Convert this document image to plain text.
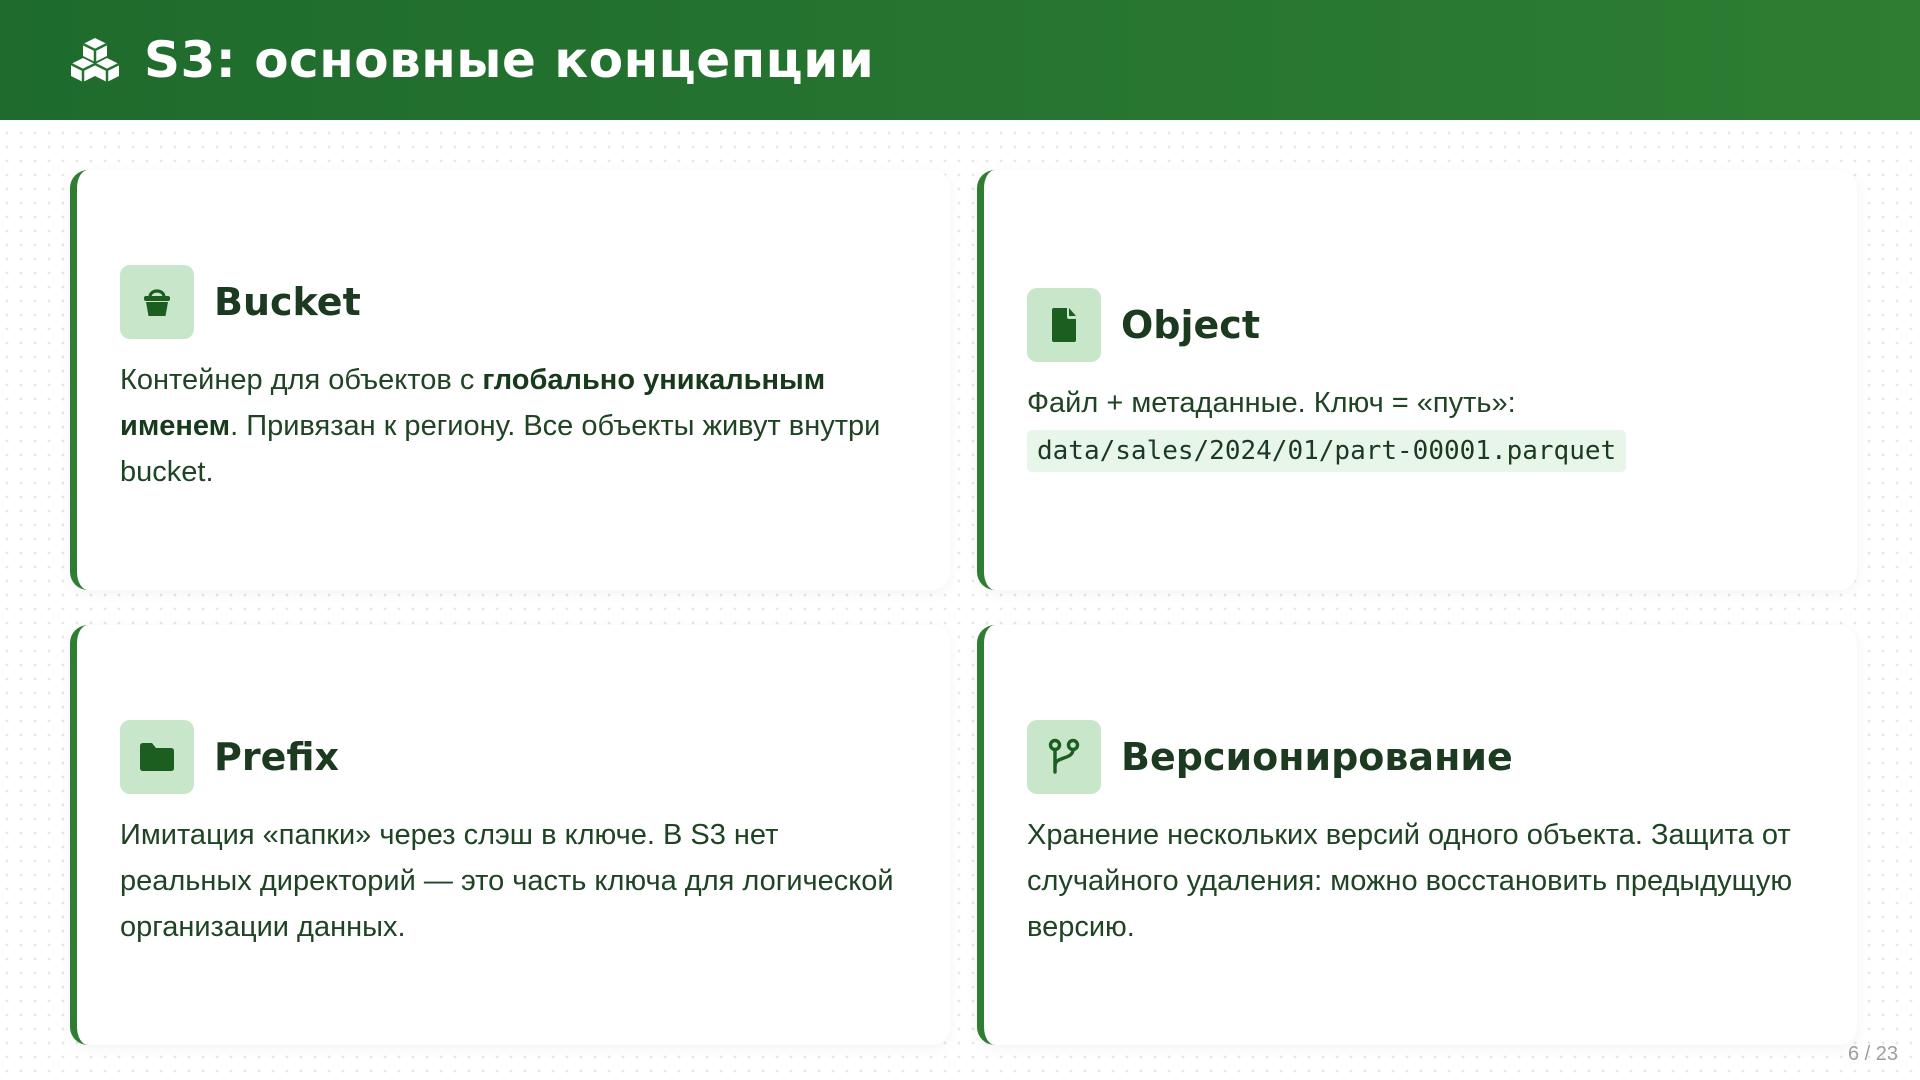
S3: основные концепции
Bucket
Контейнер для объектов с глобально уникальным именем. Привязан к региону. Все объекты живут внутри bucket.
Object
Файл + метаданные. Ключ = «путь»:
data/sales/2024/01/part-00001.parquet
Prefix
Имитация «папки» через слэш в ключе. В S3 нет реальных директорий — это часть ключа для логической организации данных.
Версионирование
Хранение нескольких версий одного объекта. Защита от случайного удаления: можно восстановить предыдущую версию.
6 / 23
